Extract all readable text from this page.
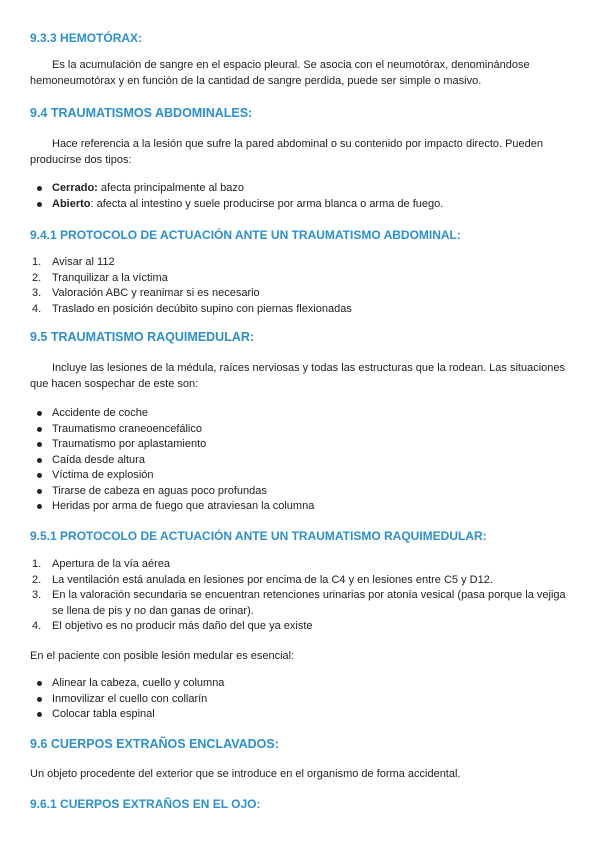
9.3.3 HEMOTÓRAX:

Es la acumulación de sangre en el espacio pleural. Se asocia con el neumotórax, denominándose hemoneumotórax y en función de la cantidad de sangre perdida, puede ser simple o masivo.

9.4 TRAUMATISMOS ABDOMINALES:

Hace referencia a la lesión que sufre la pared abdominal o su contenido por impacto directo. Pueden producirse dos tipos:

Cerrado: afecta principalmente al bazo
Abierto: afecta al intestino y suele producirse por arma blanca o arma de fuego.
9.4.1 PROTOCOLO DE ACTUACIÓN ANTE UN TRAUMATISMO ABDOMINAL:
1. Avisar al 112
2. Tranquilizar a la víctima
3. Valoración ABC y reanimar si es necesario
4. Traslado en posición decúbito supino con piernas flexionadas
9.5 TRAUMATISMO RAQUIMEDULAR:

Incluye las lesiones de la médula, raíces nerviosas y todas las estructuras que la rodean. Las situaciones que hacen sospechar de este son:

Accidente de coche
Traumatismo craneoencefálico
Traumatismo por aplastamiento
Caída desde altura
Víctima de explosión
Tirarse de cabeza en aguas poco profundas
Heridas por arma de fuego que atraviesan la columna
9.5.1 PROTOCOLO DE ACTUACIÓN ANTE UN TRAUMATISMO RAQUIMEDULAR:
1. Apertura de la vía aérea
2. La ventilación está anulada en lesiones por encima de la C4 y en lesiones entre C5 y D12.
3. En la valoración secundaria se encuentran retenciones urinarias por atonía vesical (pasa porque la vejiga se llena de pis y no dan ganas de orinar).
4. El objetivo es no producir más daño del que ya existe

En el paciente con posible lesión medular es esencial:

Alinear la cabeza, cuello y columna
Inmovilizar el cuello con collarín
Colocar tabla espinal
9.6 CUERPOS EXTRAÑOS ENCLAVADOS:

Un objeto procedente del exterior que se introduce en el organismo de forma accidental.

9.6.1 CUERPOS EXTRAÑOS EN EL OJO:
